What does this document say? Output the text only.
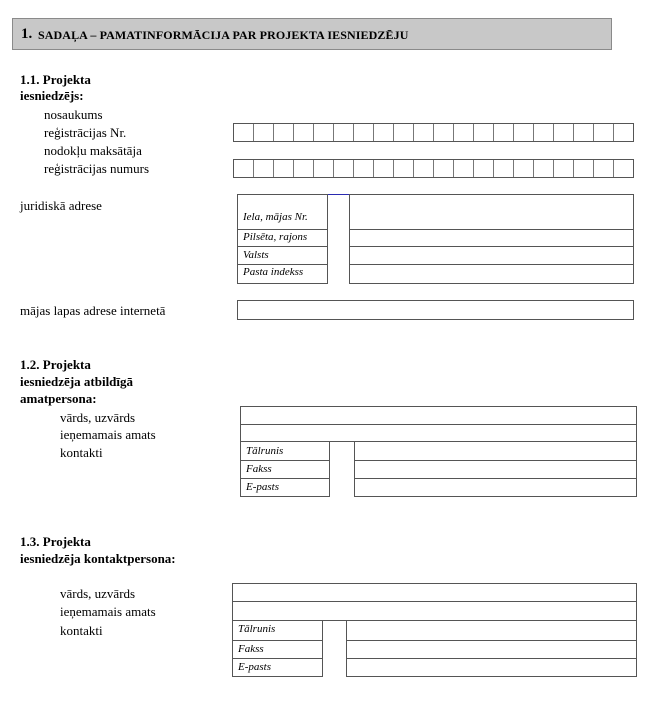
1. SADAĻA – PAMATINFORMĀCIJA PAR PROJEKTA IESNIEDZĒJU
1.1. Projekta
iesniedzējs:
nosaukums
reģistrācijas Nr.
nodokļu maksātāja
reģistrācijas numurs
juridiskā adrese
Iela, mājas Nr.
Pilsēta, rajons
Valsts
Pasta indekss
mājas lapas adrese internetā
1.2. Projekta
iesniedzēja atbildīgā
amatpersona:
vārds, uzvārds
ieņemamais amats
kontakti	Tālrunis
Fakss
E-pasts
1.3. Projekta
iesniedzēja kontaktpersona:
vārds, uzvārds
ieņemamais amats
kontakti	Tālrunis
Fakss
E-pasts
